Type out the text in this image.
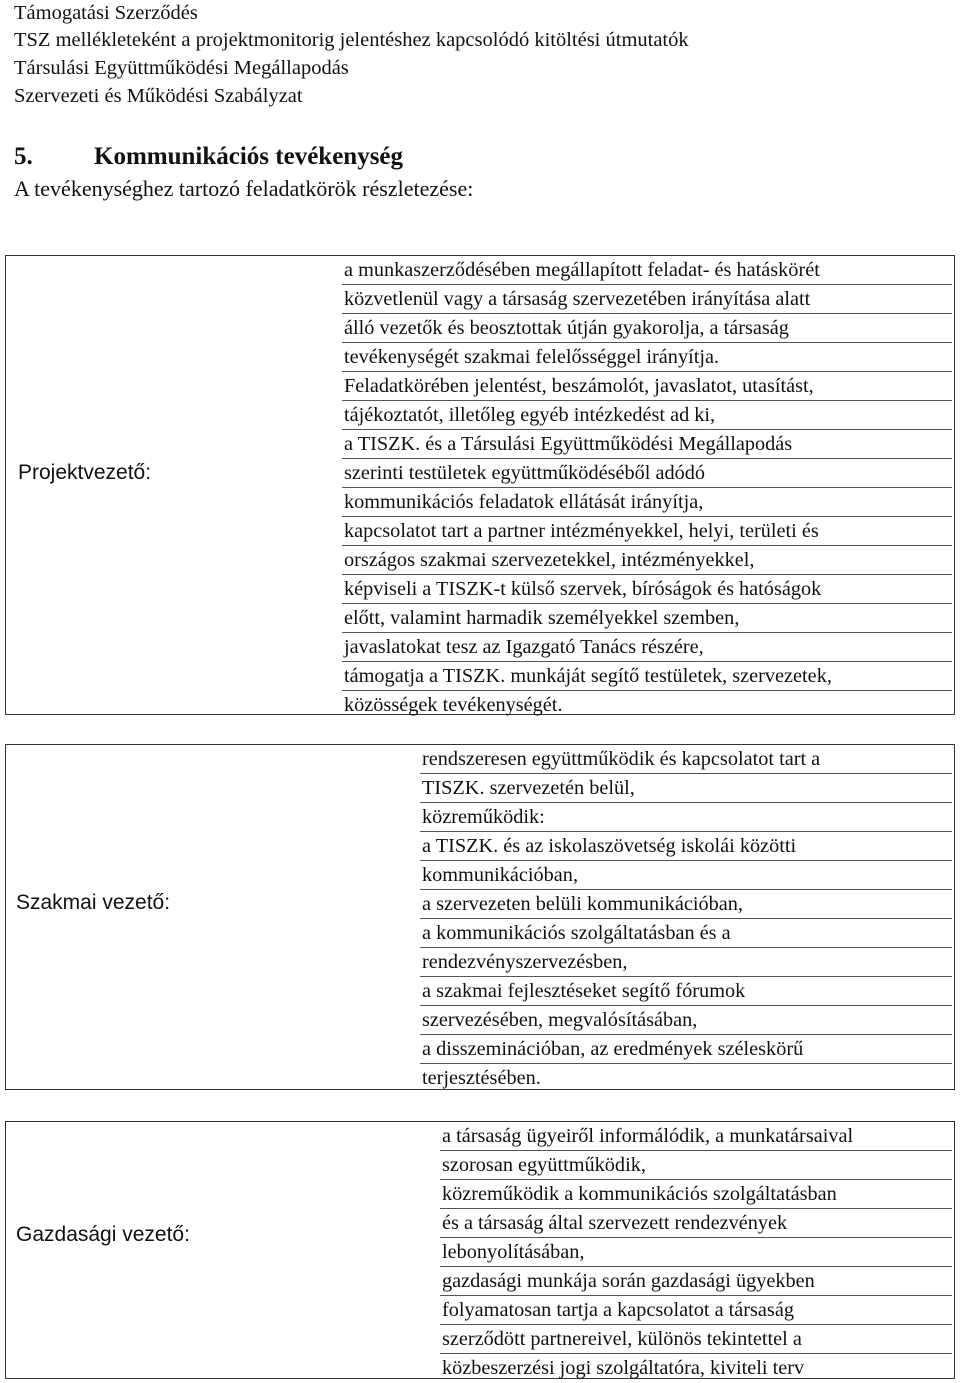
Támogatási Szerződés

TSZ mellékleteként a projektmonitorig jelentéshez kapcsolódó kitöltési útmutatók

Társulási Együttműködési Megállapodás

Szervezeti és Működési Szabályzat

5. Kommunikációs tevékenység

A tevékenységhez tartozó feladatkörök részletezése:

Projektvezető:
a munkaszerződésében megállapított feladat- és hatáskörét
közvetlenül vagy a társaság szervezetében irányítása alatt
álló vezetők és beosztottak útján gyakorolja, a társaság
tevékenységét szakmai felelősséggel irányítja.
Feladatkörében jelentést, beszámolót, javaslatot, utasítást,
tájékoztatót, illetőleg egyéb intézkedést ad ki,
a TISZK. és a Társulási Együttműködési Megállapodás
szerinti testületek együttműködéséből adódó
kommunikációs feladatok ellátását irányítja,
kapcsolatot tart a partner intézményekkel, helyi, területi és
országos szakmai szervezetekkel, intézményekkel,
képviseli a TISZK-t külső szervek, bíróságok és hatóságok
előtt, valamint harmadik személyekkel szemben,
javaslatokat tesz az Igazgató Tanács részére,
támogatja a TISZK. munkáját segítő testületek, szervezetek,
közösségek tevékenységét.
Szakmai vezető:
rendszeresen együttműködik és kapcsolatot tart a
TISZK. szervezetén belül,
közreműködik:
a TISZK. és az iskolaszövetség iskolái közötti
kommunikációban,
a szervezeten belüli kommunikációban,
a kommunikációs szolgáltatásban és a
rendezvényszervezésben,
a szakmai fejlesztéseket segítő fórumok
szervezésében, megvalósításában,
a disszeminációban, az eredmények széleskörű
terjesztésében.
Gazdasági vezető:
a társaság ügyeiről informálódik, a munkatársaival
szorosan együttműködik,
közreműködik a kommunikációs szolgáltatásban
és a társaság által szervezett rendezvények
lebonyolításában,
gazdasági munkája során gazdasági ügyekben
folyamatosan tartja a kapcsolatot a társaság
szerződött partnereivel, különös tekintettel a
közbeszerzési jogi szolgáltatóra, kiviteli terv
